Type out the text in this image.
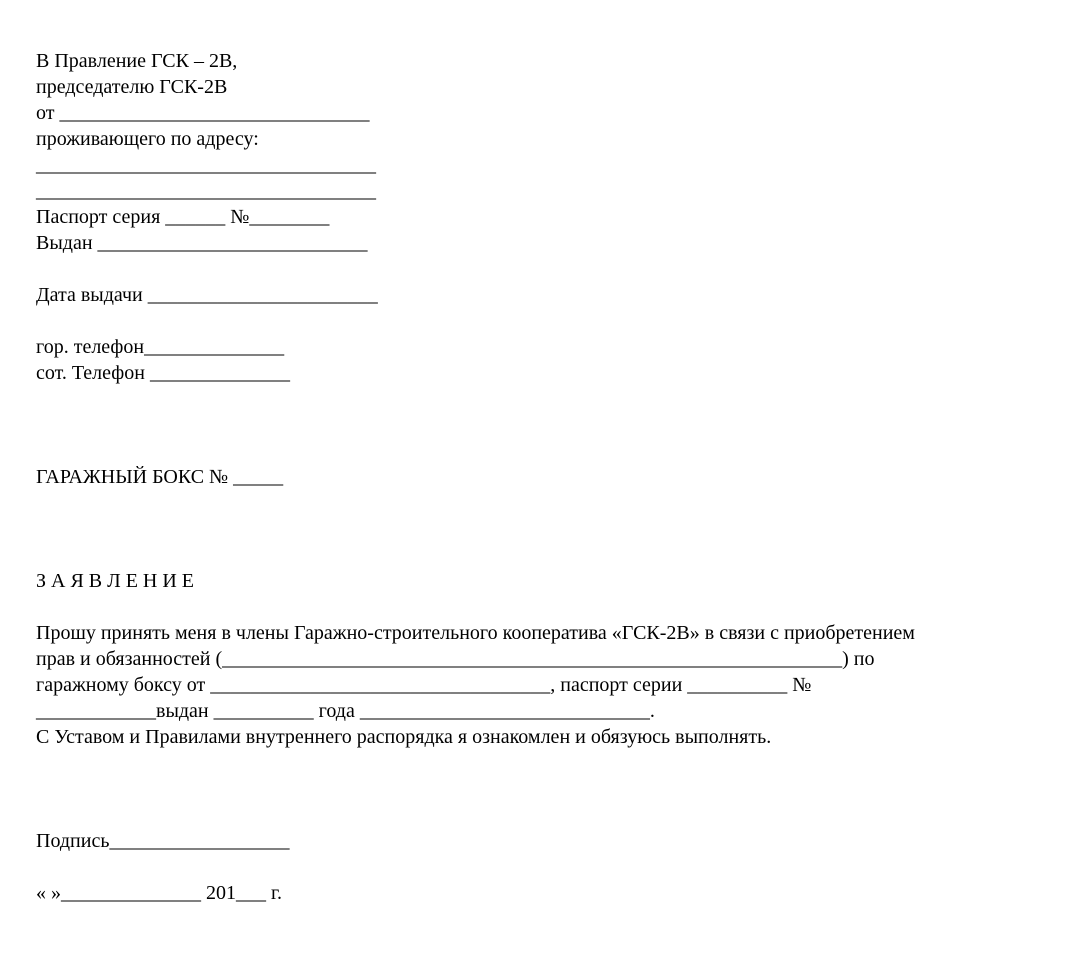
В Правление ГСК – 2В,
председателю ГСК-2В
от _______________________________
проживающего по адресу:
__________________________________
__________________________________
Паспорт серия ______ №________
Выдан ___________________________
Дата выдачи _______________________
гор. телефон______________
сот. Телефон ______________
ГАРАЖНЫЙ БОКС № _____
З А Я В Л Е Н И Е
Прошу принять меня в члены Гаражно-строительного кооператива «ГСК-2В» в связи с приобретением
прав и обязанностей (______________________________________________________________) по
гаражному боксу от __________________________________, паспорт серии __________ №
____________выдан __________ года _____________________________.
С Уставом и Правилами внутреннего распорядка я ознакомлен и обязуюсь выполнять.
Подпись__________________
« »______________ 201___ г.
